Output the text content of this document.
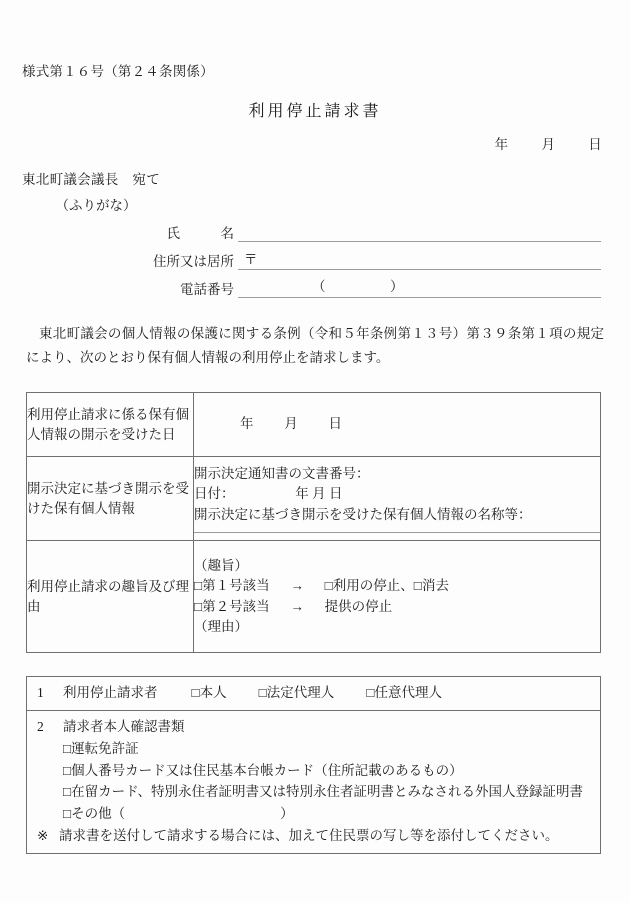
様式第１６号（第２４条関係）
利用停止請求書
年 月 日
東北町議会議長　宛て
（ふりがな）
氏　　　名
住所又は居所 〒
電話番号	（	）
東北町議会の個人情報の保護に関する条例（令和５年条例第１３号）第３９条第１項の規定により、次のとおり保有個人情報の利用停止を請求します。
利用停止請求に係る保有個人情報の開示を受けた日	年 月 日
開示決定に基づき開示を受けた保有個人情報	開示決定通知書の文書番号：
日付： 年 月 日
開示決定に基づき開示を受けた保有個人情報の名称等：

利用停止請求の趣旨及び理由	（趣旨）
□第１号該当 → □利用の停止、□消去
□第２号該当 → 提供の停止
（理由）
1 利用停止請求者	□本人 □法定代理人 □任意代理人

2 請求者本人確認書類
□運転免許証
□個人番号カード又は住民基本台帳カード（住所記載のあるもの）
□在留カード、特別永住者証明書又は特別永住者証明書とみなされる外国人登録証明書
□その他（	）
※ 請求書を送付して請求する場合には、加えて住民票の写し等を添付してください。
